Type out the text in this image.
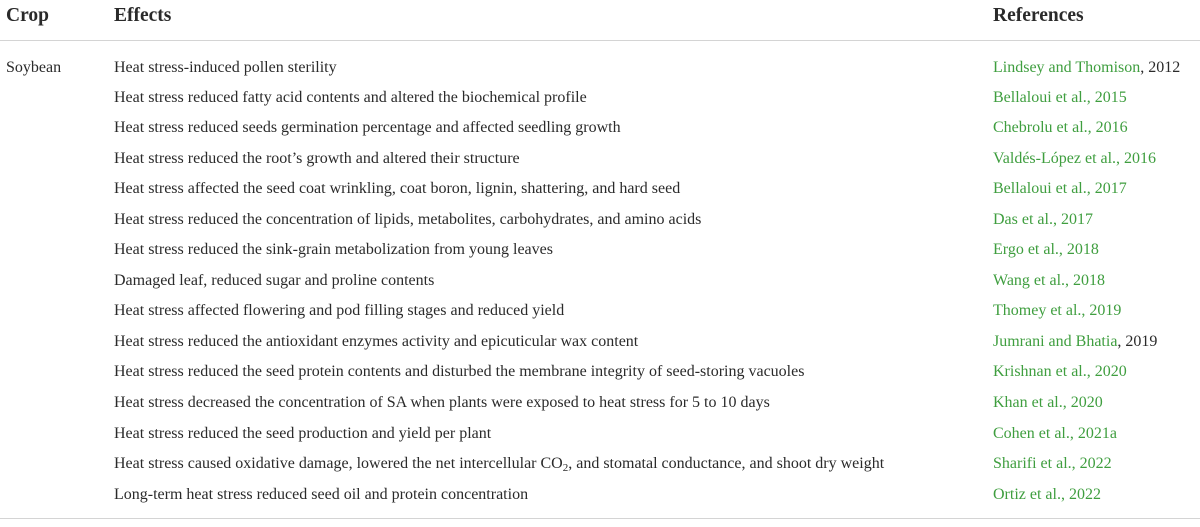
Crop	Effects	References
Soybean	Heat stress-induced pollen sterility	Lindsey and Thomison, 2012
Heat stress reduced fatty acid contents and altered the biochemical profile	Bellaloui et al., 2015
Heat stress reduced seeds germination percentage and affected seedling growth	Chebrolu et al., 2016
Heat stress reduced the root’s growth and altered their structure	Valdés-López et al., 2016
Heat stress affected the seed coat wrinkling, coat boron, lignin, shattering, and hard seed	Bellaloui et al., 2017
Heat stress reduced the concentration of lipids, metabolites, carbohydrates, and amino acids	Das et al., 2017
Heat stress reduced the sink-grain metabolization from young leaves	Ergo et al., 2018
Damaged leaf, reduced sugar and proline contents	Wang et al., 2018
Heat stress affected flowering and pod filling stages and reduced yield	Thomey et al., 2019
Heat stress reduced the antioxidant enzymes activity and epicuticular wax content	Jumrani and Bhatia, 2019
Heat stress reduced the seed protein contents and disturbed the membrane integrity of seed-storing vacuoles	Krishnan et al., 2020
Heat stress decreased the concentration of SA when plants were exposed to heat stress for 5 to 10 days	Khan et al., 2020
Heat stress reduced the seed production and yield per plant	Cohen et al., 2021a
Heat stress caused oxidative damage, lowered the net intercellular $CO_2$, and stomatal conductance, and shoot dry weight	Sharifi et al., 2022
Long-term heat stress reduced seed oil and protein concentration	Ortiz et al., 2022
